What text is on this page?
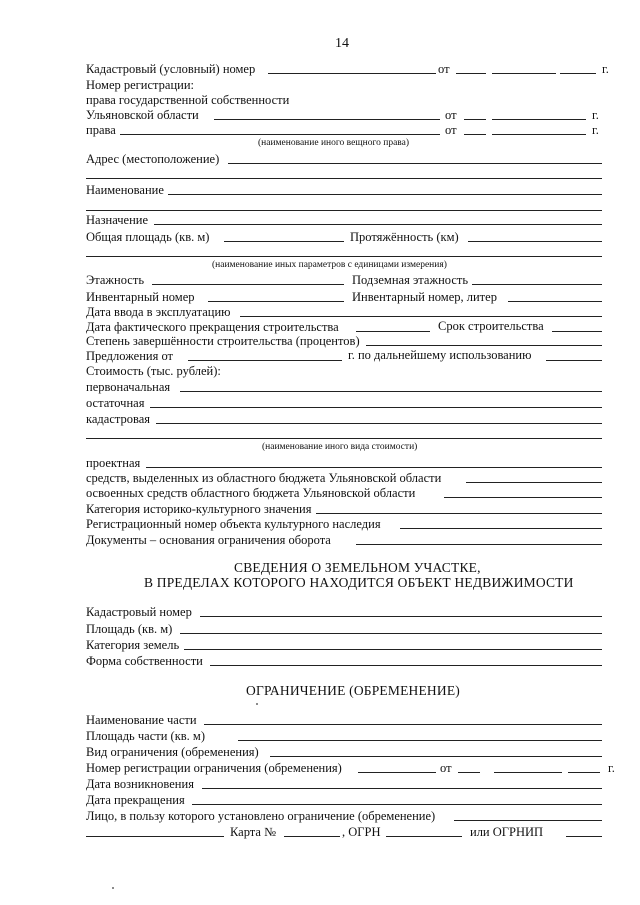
14
Кадастровый (условный) номер	от	г.
Номер регистрации:
права государственной собственности
Ульяновской области	от	г.
права	от	г.
(наименование иного вещного права)
Адрес (местоположение)
Наименование
Назначение
Общая площадь (кв. м)	Протяжённость (км)
(наименование иных параметров с единицами измерения)
Этажность	Подземная этажность
Инвентарный номер	Инвентарный номер, литер
Дата ввода в эксплуатацию
Дата фактического прекращения строительства	Срок строительства
Степень завершённости строительства (процентов)
Предложения от	г. по дальнейшему использованию
Стоимость (тыс. рублей):
первоначальная
остаточная
кадастровая
(наименование иного вида стоимости)
проектная
средств, выделенных из областного бюджета Ульяновской области
освоенных средств областного бюджета Ульяновской области
Категория историко-культурного значения
Регистрационный номер объекта культурного наследия
Документы – основания ограничения оборота
СВЕДЕНИЯ О ЗЕМЕЛЬНОМ УЧАСТКЕ,
В ПРЕДЕЛАХ КОТОРОГО НАХОДИТСЯ ОБЪЕКТ НЕДВИЖИМОСТИ
Кадастровый номер
Площадь (кв. м)
Категория земель
Форма собственности
ОГРАНИЧЕНИЕ (ОБРЕМЕНЕНИЕ)
Наименование части
Площадь части (кв. м)
Вид ограничения (обременения)
Номер регистрации ограничения (обременения)	от	г.
Дата возникновения
Дата прекращения
Лицо, в пользу которого установлено ограничение (обременение)
Карта №	, ОГРН	или ОГРНИП
